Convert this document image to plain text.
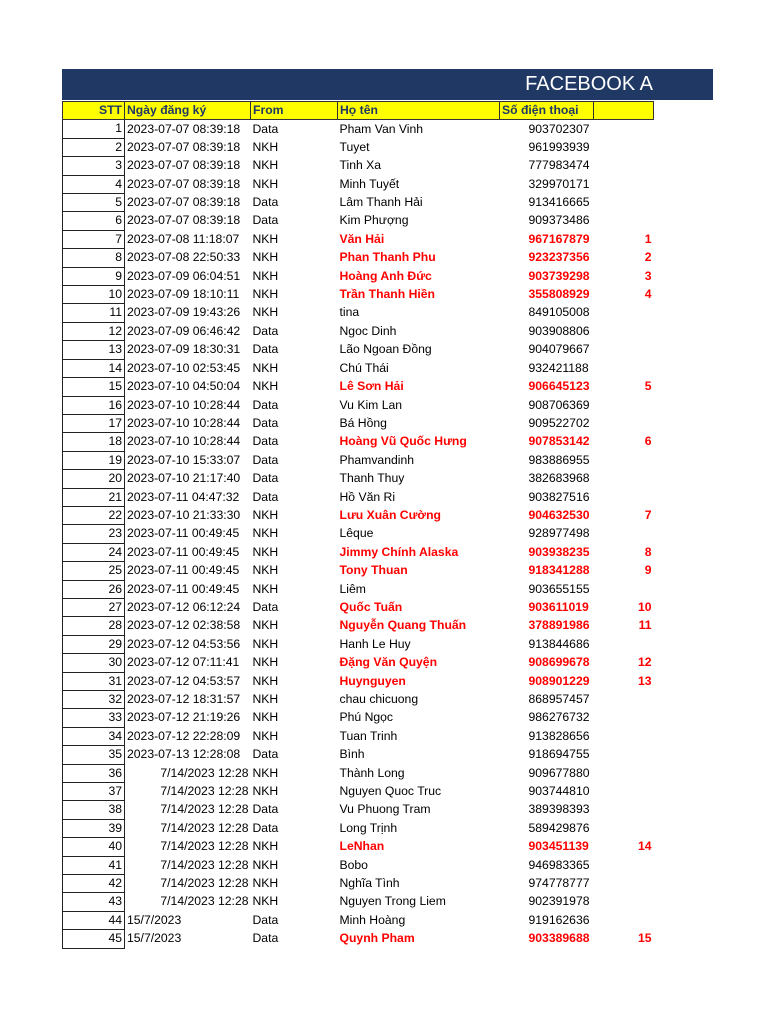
FACEBOOK A
STT	Ngày đăng ký	From	Họ tên	Số điện thoại	
1	2023-07-07 08:39:18	Data	Pham Van Vinh	903702307	
2	2023-07-07 08:39:18	NKH	Tuyet	961993939	
3	2023-07-07 08:39:18	NKH	Tinh Xa	777983474	
4	2023-07-07 08:39:18	NKH	Minh Tuyết	329970171	
5	2023-07-07 08:39:18	Data	Lâm Thanh Hải	913416665	
6	2023-07-07 08:39:18	Data	Kim Phượng	909373486	
7	2023-07-08 11:18:07	NKH	Văn Hải	967167879	1
8	2023-07-08 22:50:33	NKH	Phan Thanh Phu	923237356	2
9	2023-07-09 06:04:51	NKH	Hoàng Anh Đức	903739298	3
10	2023-07-09 18:10:11	NKH	Trần Thanh Hiền	355808929	4
11	2023-07-09 19:43:26	NKH	tina	849105008	
12	2023-07-09 06:46:42	Data	Ngoc Dinh	903908806	
13	2023-07-09 18:30:31	Data	Lão Ngoan Đồng	904079667	
14	2023-07-10 02:53:45	NKH	Chú Thái	932421188	
15	2023-07-10 04:50:04	NKH	Lê Sơn Hải	906645123	5
16	2023-07-10 10:28:44	Data	Vu Kim Lan	908706369	
17	2023-07-10 10:28:44	Data	Bá Hồng	909522702	
18	2023-07-10 10:28:44	Data	Hoàng Vũ Quốc Hưng	907853142	6
19	2023-07-10 15:33:07	Data	Phamvandinh	983886955	
20	2023-07-10 21:17:40	Data	Thanh Thuy	382683968	
21	2023-07-11 04:47:32	Data	Hồ Văn Ri	903827516	
22	2023-07-10 21:33:30	NKH	Lưu Xuân Cường	904632530	7
23	2023-07-11 00:49:45	NKH	Lêque	928977498	
24	2023-07-11 00:49:45	NKH	Jimmy Chính Alaska	903938235	8
25	2023-07-11 00:49:45	NKH	Tony Thuan	918341288	9
26	2023-07-11 00:49:45	NKH	Liêm	903655155	
27	2023-07-12 06:12:24	Data	Quốc Tuấn	903611019	10
28	2023-07-12 02:38:58	NKH	Nguyễn Quang Thuấn	378891986	11
29	2023-07-12 04:53:56	NKH	Hanh Le Huy	913844686	
30	2023-07-12 07:11:41	NKH	Đặng Văn Quyện	908699678	12
31	2023-07-12 04:53:57	NKH	Huynguyen	908901229	13
32	2023-07-12 18:31:57	NKH	chau chicuong	868957457	
33	2023-07-12 21:19:26	NKH	Phú Ngọc	986276732	
34	2023-07-12 22:28:09	NKH	Tuan Trinh	913828656	
35	2023-07-13 12:28:08	Data	Bình	918694755	
36	7/14/2023 12:28	NKH	Thành Long	909677880	
37	7/14/2023 12:28	NKH	Nguyen Quoc Truc	903744810	
38	7/14/2023 12:28	Data	Vu Phuong Tram	389398393	
39	7/14/2023 12:28	Data	Long Trịnh	589429876	
40	7/14/2023 12:28	NKH	LeNhan	903451139	14
41	7/14/2023 12:28	NKH	Bobo	946983365	
42	7/14/2023 12:28	NKH	Nghĩa Tình	974778777	
43	7/14/2023 12:28	NKH	Nguyen Trong Liem	902391978	
44	15/7/2023	Data	Minh Hoàng	919162636	
45	15/7/2023	Data	Quynh Pham	903389688	15
